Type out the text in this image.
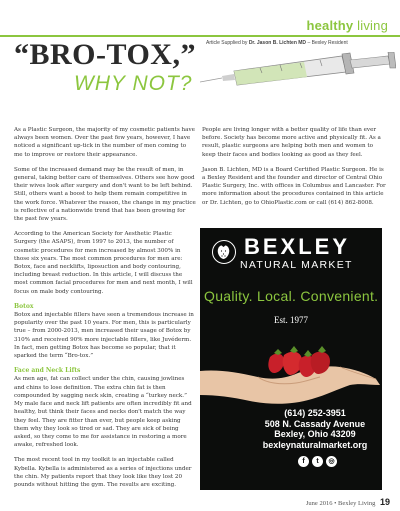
healthy living
Article Supplied by Dr. Jason B. Lichten MD – Bexley Resident
“BRO-TOX,”
WHY NOT?

As a Plastic Surgeon, the majority of my cosmetic patients have always been women. Over the past few years, however, I have noticed a significant up-tick in the number of men coming to me to improve or restore their appearance.

Some of the increased demand may be the result of men, in general, taking better care of themselves. Others see how good their wives look after surgery and don't want to be left behind. Still, others want a boost to help them remain competitive in the work force. Whatever the reason, the change in my practice is reflective of a nationwide trend that has been growing for the past few years.

According to the American Society for Aesthetic Plastic Surgery (the ASAPS), from 1997 to 2013, the number of cosmetic procedures for men increased by almost 300% in those six years. The most common procedures for men are: Botox, face and necklifts, liposuction and body contouring, including breast reduction. In this article, I will discuss the most common facial procedures for men and next month, I will focus on male body contouring.

Botox

Botox and injectable fillers have seen a tremendous increase in popularity over the past 10 years. For men, this is particularly true – from 2000-2013, men increased their usage of Botox by 310% and received 90% more injectable fillers, like Juvéderm. In fact, men getting Botox has become so popular, that it sparked the term “Bro-tox.”

Face and Neck Lifts

As men age, fat can collect under the chin, causing jowlines and chins to lose definition. The extra chin fat is then compounded by sagging neck skin, creating a “turkey neck.” My male face and neck lift patients are often incredibly fit and healthy, but think their faces and necks don't match the way they feel. They are fitter than ever, but people keep asking them why they look so tired or sad. They are sick of being asked, so they come to me for assistance in restoring a more awake, refreshed look.

The most recent tool in my toolkit is an injectable called Kybella. Kybella is administered as a series of injections under the chin. My patients report that they look like they lost 20 pounds without hitting the gym. The results are exciting.

People are living longer with a better quality of life than ever before. Society has become more active and physically fit. As a result, plastic surgeons are helping both men and women to keep their faces and bodies looking as good as they feel.

Jason B. Lichten, MD is a Board Certified Plastic Surgeon. He is a Bexley Resident and the founder and director of Central Ohio Plastic Surgery, Inc. with offices in Columbus and Lancaster. For more information about the procedures contained in this article or Dr. Lichten, go to OhioPlastic.com or call (614) 862-8008.

BEXLEY
NATURAL MARKET
Quality. Local. Convenient.
Est. 1977
(614) 252-3951
508 N. Cassady Avenue
Bexley, Ohio 43209
bexleynaturalmarket.org
f	t	◎
June 2016 • Bexley Living 19
